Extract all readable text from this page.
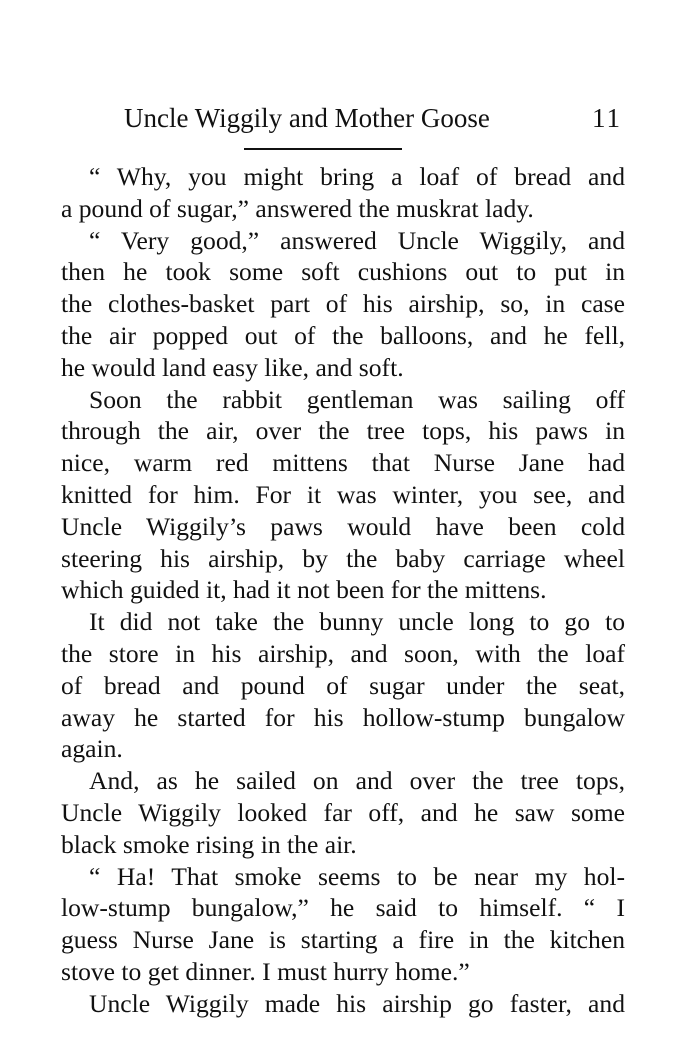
Uncle Wiggily and Mother Goose	11
“ Why, you might bring a loaf of bread and
a pound of sugar,” answered the muskrat lady.
“ Very good,” answered Uncle Wiggily, and
then he took some soft cushions out to put in
the clothes-basket part of his airship, so, in case
the air popped out of the balloons, and he fell,
he would land easy like, and soft.
Soon the rabbit gentleman was sailing off
through the air, over the tree tops, his paws in
nice, warm red mittens that Nurse Jane had
knitted for him. For it was winter, you see, and
Uncle Wiggily’s paws would have been cold
steering his airship, by the baby carriage wheel
which guided it, had it not been for the mittens.
It did not take the bunny uncle long to go to
the store in his airship, and soon, with the loaf
of bread and pound of sugar under the seat,
away he started for his hollow-stump bungalow
again.
And, as he sailed on and over the tree tops,
Uncle Wiggily looked far off, and he saw some
black smoke rising in the air.
“ Ha! That smoke seems to be near my hol-
low-stump bungalow,” he said to himself. “ I
guess Nurse Jane is starting a fire in the kitchen
stove to get dinner. I must hurry home.”
Uncle Wiggily made his airship go faster, and
